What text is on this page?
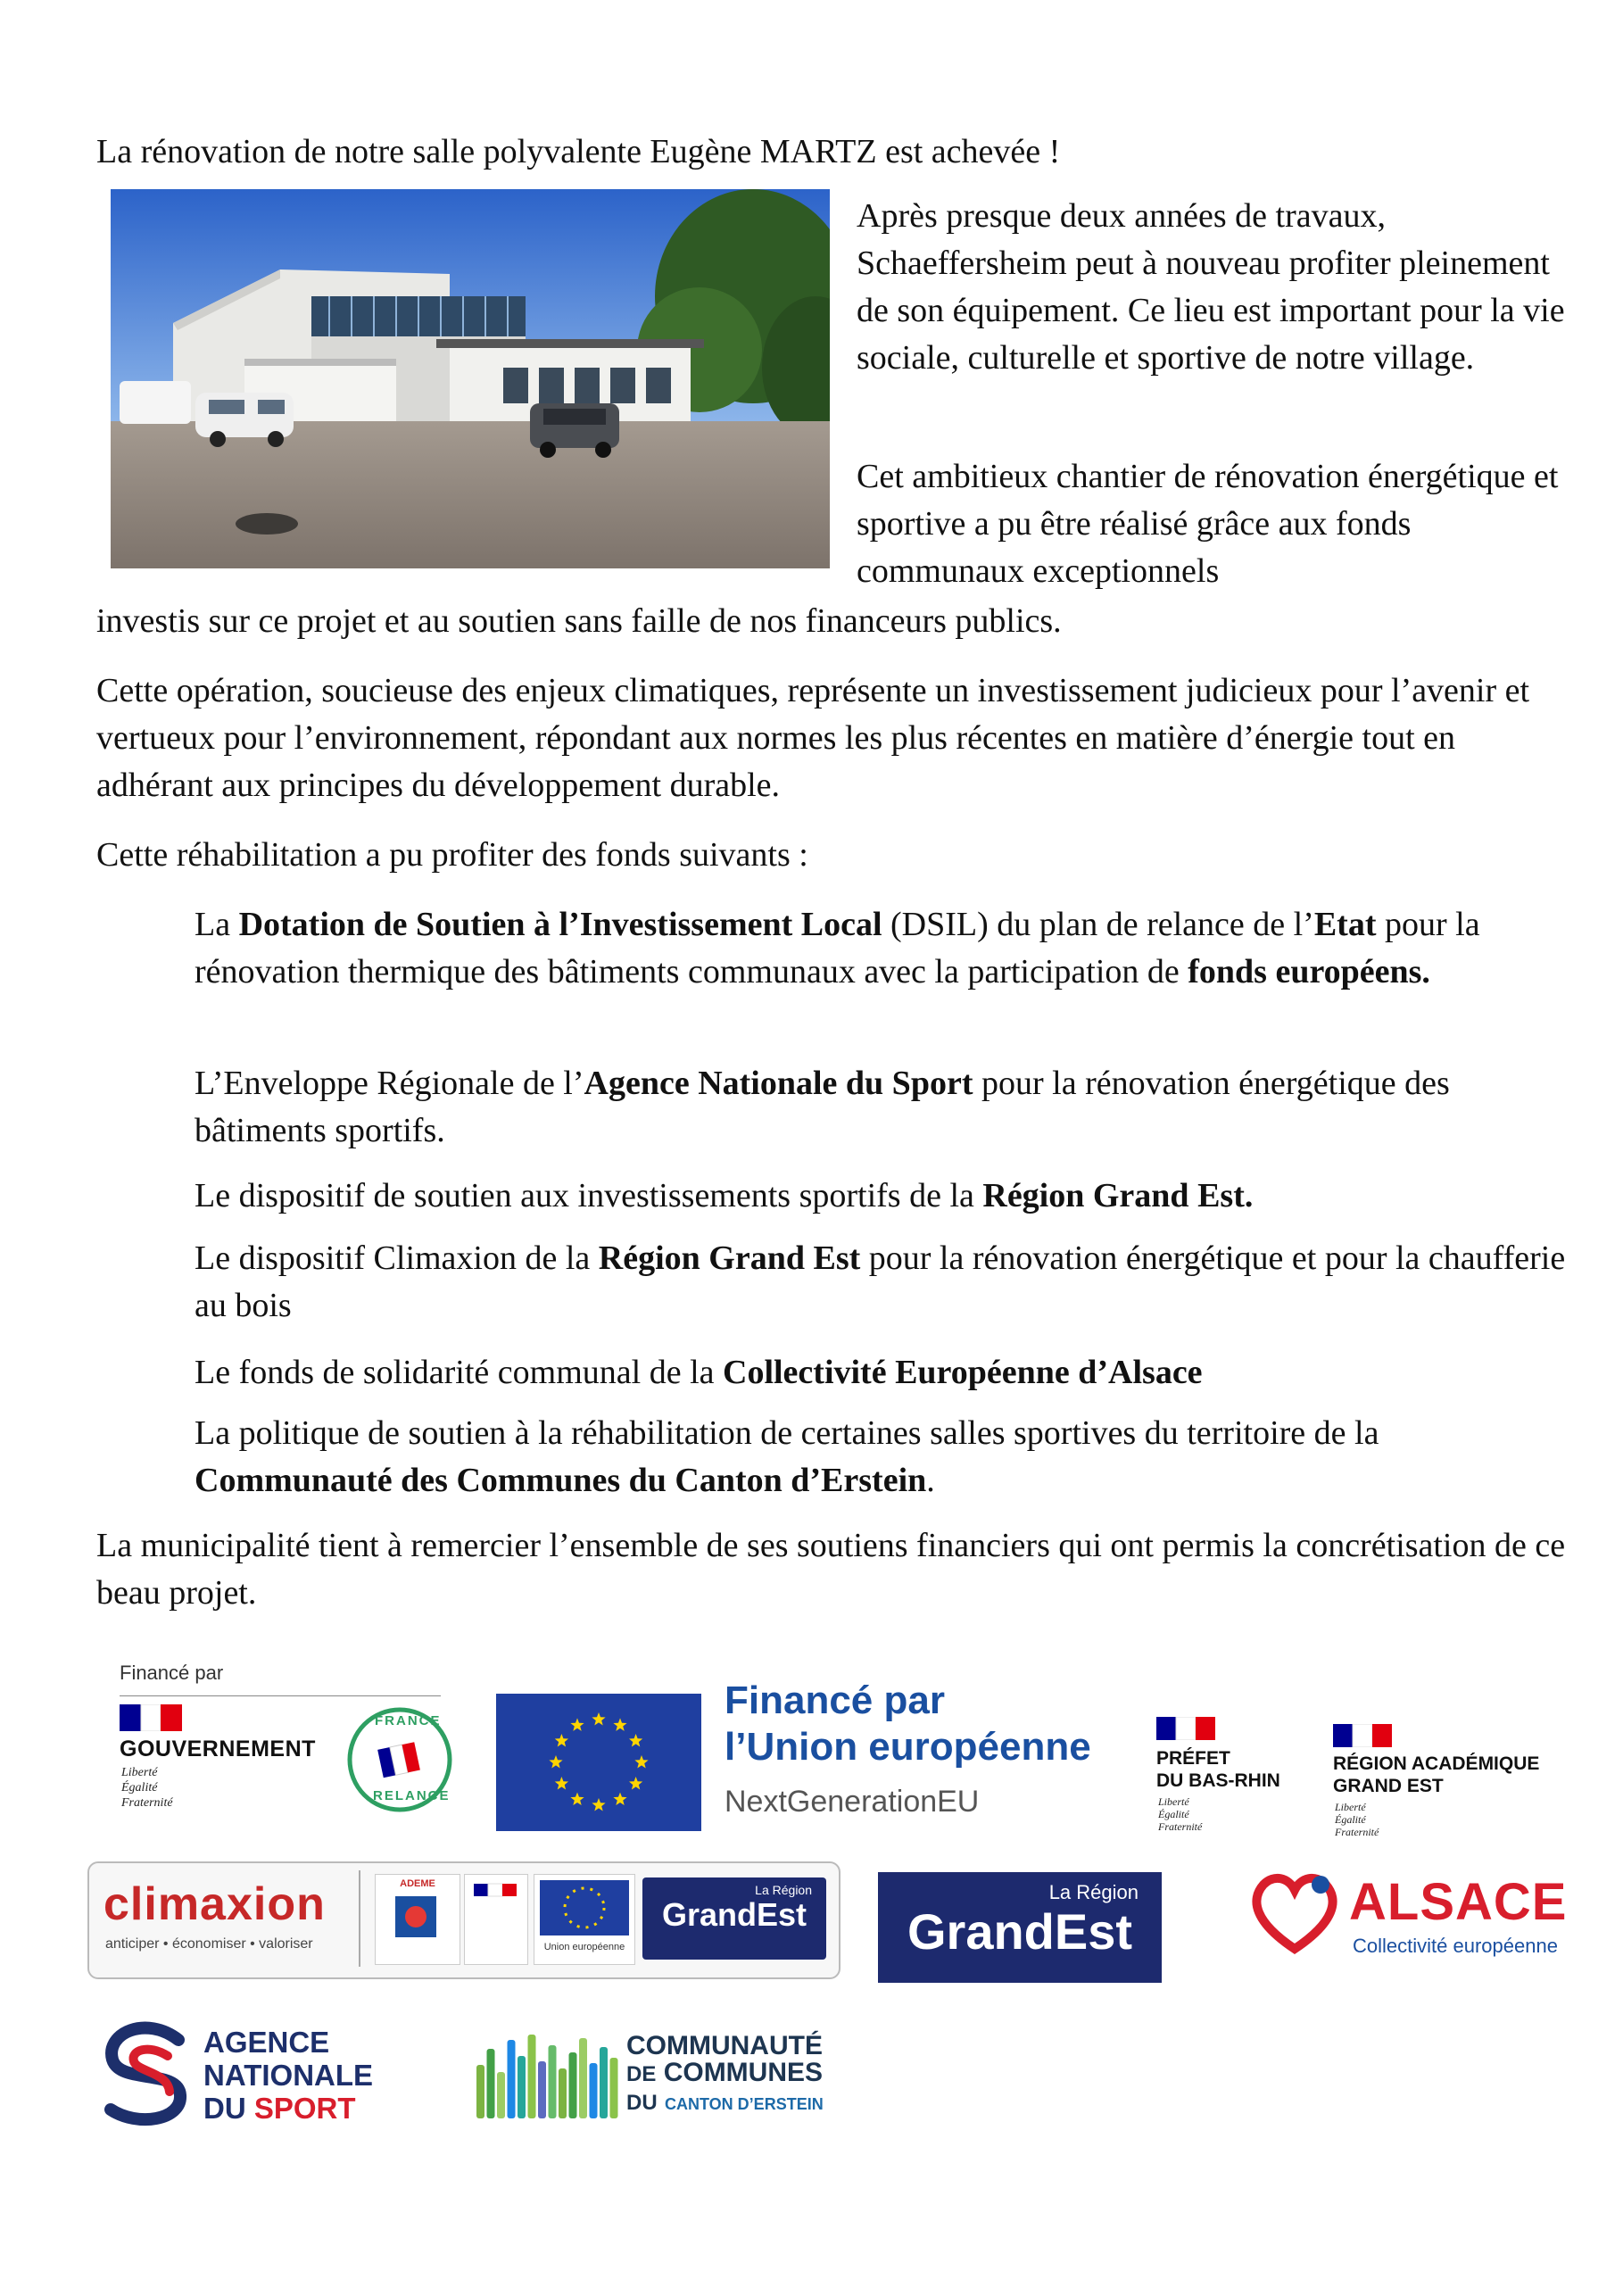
La rénovation de notre salle polyvalente Eugène MARTZ est achevée !

Après presque deux années de travaux, Schaeffersheim peut à nouveau profiter pleinement de son équipement. Ce lieu est important pour la vie sociale, culturelle et sportive de notre village.

Cet ambitieux chantier de rénovation énergétique et sportive a pu être réalisé grâce aux fonds communaux exceptionnels

investis sur ce projet et au soutien sans faille de nos financeurs publics.

Cette opération, soucieuse des enjeux climatiques, représente un investissement judicieux pour l’avenir et vertueux pour l’environnement, répondant aux normes les plus récentes en matière d’énergie tout en adhérant aux principes du développement durable.

Cette réhabilitation a pu profiter des fonds suivants :

La Dotation de Soutien à l’Investissement Local (DSIL) du plan de relance de l’Etat pour la rénovation thermique des bâtiments communaux avec la participation de fonds européens.

L’Enveloppe Régionale de l’Agence Nationale du Sport pour la rénovation énergétique des bâtiments sportifs.

Le dispositif de soutien aux investissements sportifs de la Région Grand Est.

Le dispositif Climaxion de la Région Grand Est pour la rénovation énergétique et pour la chaufferie au bois

Le fonds de solidarité communal de la Collectivité Européenne d’Alsace

La politique de soutien à la réhabilitation de certaines salles sportives du territoire de la Communauté des Communes du Canton d’Erstein.

La municipalité tient à remercier l’ensemble de ses soutiens financiers qui ont permis la concrétisation de ce beau projet.

Financé par
GOUVERNEMENT
Liberté
Égalité
Fraternité
FRANCE
RELANCE
Financé par
l’Union européenne
NextGenerationEU
PRÉFET
DU BAS-RHIN
Liberté
Égalité
Fraternité
RÉGION ACADÉMIQUE
GRAND EST
Liberté
Égalité
Fraternité
climaxion
anticiper • économiser • valoriser
ADEME
Union européenne
La Région
GrandEst
La Région
GrandEst
ALSACE
Collectivité européenne
AGENCE
NATIONALE
DU SPORT
COMMUNAUTÉ
DE COMMUNES
DU CANTON D’ERSTEIN
